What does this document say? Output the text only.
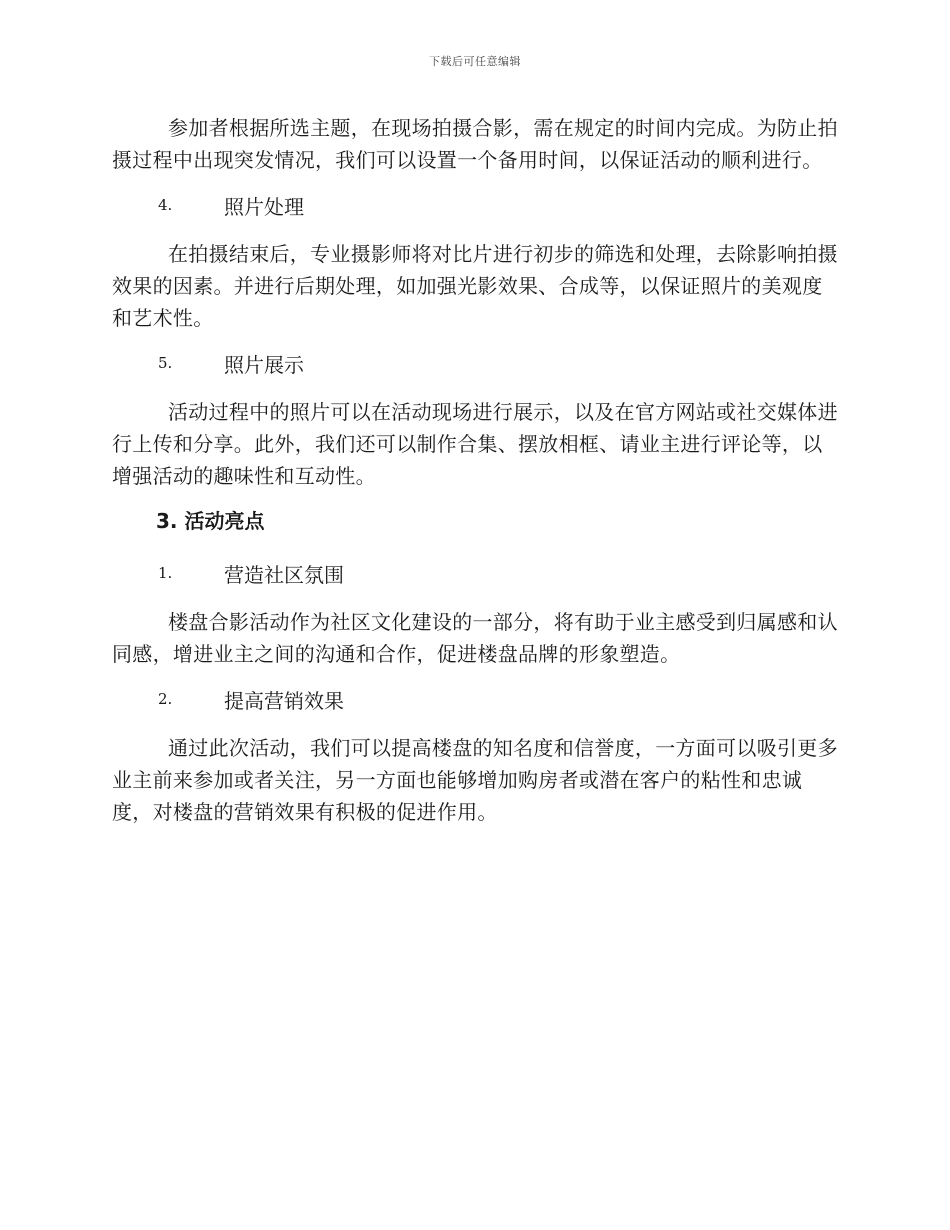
下载后可任意编辑

参加者根据所选主题，在现场拍摄合影，需在规定的时间内完成。为防止拍摄过程中出现突发情况，我们可以设置一个备用时间，以保证活动的顺利进行。

4.	照片处理

在拍摄结束后，专业摄影师将对比片进行初步的筛选和处理，去除影响拍摄效果的因素。并进行后期处理，如加强光影效果、合成等，以保证照片的美观度和艺术性。

5.	照片展示

活动过程中的照片可以在活动现场进行展示，以及在官方网站或社交媒体进行上传和分享。此外，我们还可以制作合集、摆放相框、请业主进行评论等，以增强活动的趣味性和互动性。

3. 活动亮点
1.	营造社区氛围

楼盘合影活动作为社区文化建设的一部分，将有助于业主感受到归属感和认同感，增进业主之间的沟通和合作，促进楼盘品牌的形象塑造。

2.	提高营销效果

通过此次活动，我们可以提高楼盘的知名度和信誉度，一方面可以吸引更多业主前来参加或者关注，另一方面也能够增加购房者或潜在客户的粘性和忠诚度，对楼盘的营销效果有积极的促进作用。
